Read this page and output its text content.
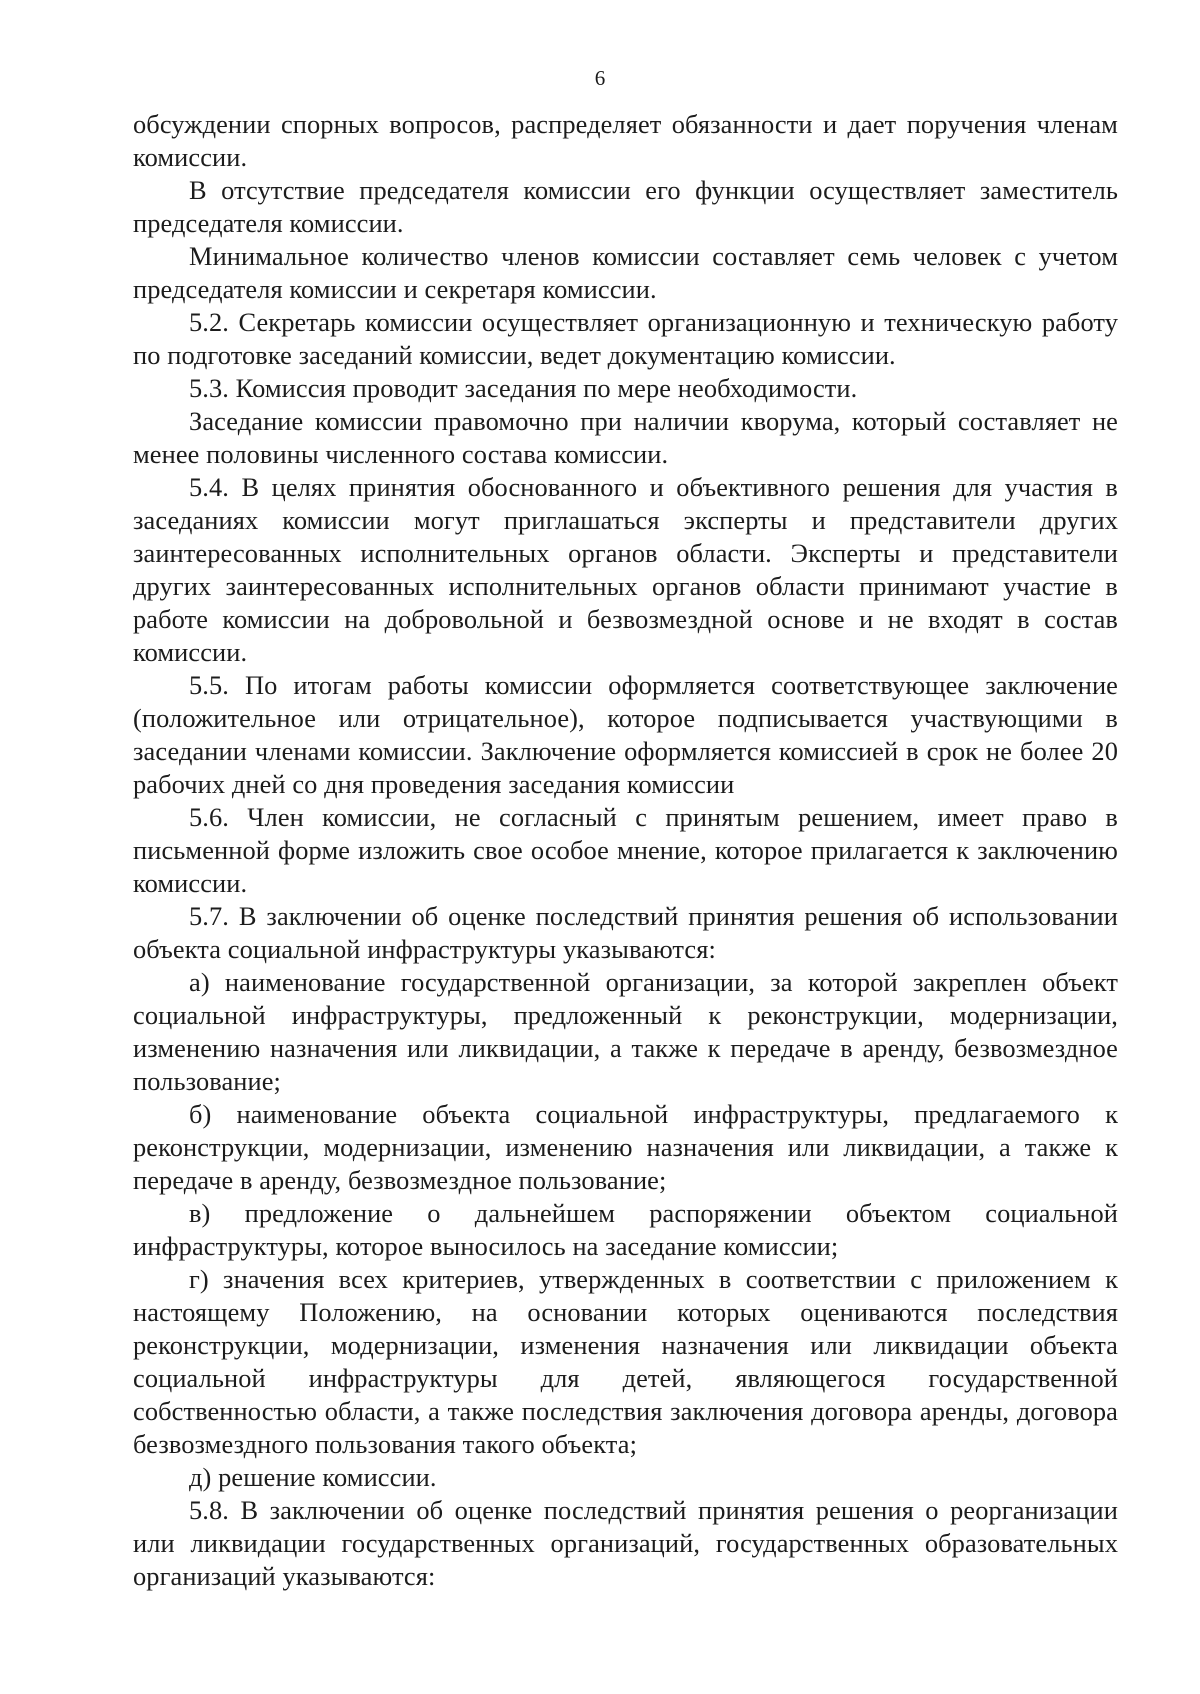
6

обсуждении спорных вопросов, распределяет обязанности и дает поручения членам комиссии.

В отсутствие председателя комиссии его функции осуществляет заместитель председателя комиссии.

Минимальное количество членов комиссии составляет семь человек с учетом председателя комиссии и секретаря комиссии.

5.2. Секретарь комиссии осуществляет организационную и техническую работу по подготовке заседаний комиссии, ведет документацию комиссии.

5.3. Комиссия проводит заседания по мере необходимости.

Заседание комиссии правомочно при наличии кворума, который составляет не менее половины численного состава комиссии.

5.4. В целях принятия обоснованного и объективного решения для участия в заседаниях комиссии могут приглашаться эксперты и представители других заинтересованных исполнительных органов области. Эксперты и представители других заинтересованных исполнительных органов области принимают участие в работе комиссии на добровольной и безвозмездной основе и не входят в состав комиссии.

5.5. По итогам работы комиссии оформляется соответствующее заключение (положительное или отрицательное), которое подписывается участвующими в заседании членами комиссии. Заключение оформляется комиссией в срок не более 20 рабочих дней со дня проведения заседания комиссии

5.6. Член комиссии, не согласный с принятым решением, имеет право в письменной форме изложить свое особое мнение, которое прилагается к заключению комиссии.

5.7. В заключении об оценке последствий принятия решения об использовании объекта социальной инфраструктуры указываются:

а) наименование государственной организации, за которой закреплен объект социальной инфраструктуры, предложенный к реконструкции, модернизации, изменению назначения или ликвидации, а также к передаче в аренду, безвозмездное пользование;

б) наименование объекта социальной инфраструктуры, предлагаемого к реконструкции, модернизации, изменению назначения или ликвидации, а также к передаче в аренду, безвозмездное пользование;

в) предложение о дальнейшем распоряжении объектом социальной инфраструктуры, которое выносилось на заседание комиссии;

г) значения всех критериев, утвержденных в соответствии с приложением к настоящему Положению, на основании которых оцениваются последствия реконструкции, модернизации, изменения назначения или ликвидации объекта социальной инфраструктуры для детей, являющегося государственной собственностью области, а также последствия заключения договора аренды, договора безвозмездного пользования такого объекта;

д) решение комиссии.

5.8. В заключении об оценке последствий принятия решения о реорганизации или ликвидации государственных организаций, государственных образовательных организаций указываются:
